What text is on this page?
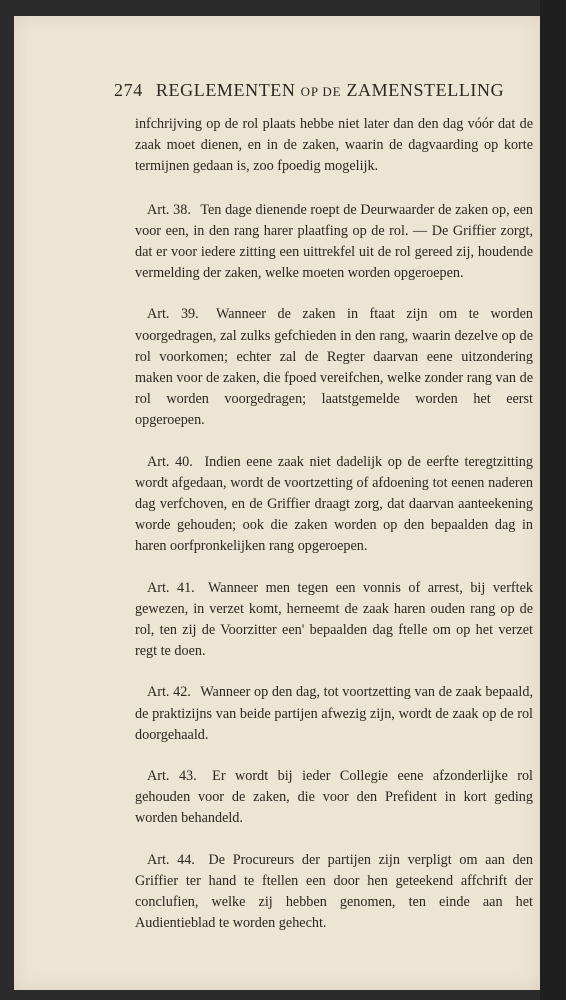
274 REGLEMENTEN OP DE ZAMENSTELLING

infchrijving op de rol plaats hebbe niet later dan den dag vóór dat de zaak moet dienen, en in de zaken, waarin de dagvaarding op korte termijnen gedaan is, zoo fpoedig mogelijk.

Art. 38. Ten dage dienende roept de Deurwaarder de zaken op, een voor een, in den rang harer plaatfing op de rol. — De Griffier zorgt, dat er voor iedere zitting een uittrekfel uit de rol gereed zij, houdende vermelding der zaken, welke moeten worden opgeroepen.

Art. 39. Wanneer de zaken in ftaat zijn om te worden voorgedragen, zal zulks gefchieden in den rang, waarin dezelve op de rol voorkomen; echter zal de Regter daarvan eene uitzondering maken voor de zaken, die fpoed vereifchen, welke zonder rang van de rol worden voorgedragen; laatstgemelde worden het eerst opgeroepen.

Art. 40. Indien eene zaak niet dadelijk op de eerfte teregtzitting wordt afgedaan, wordt de voortzetting of afdoening tot eenen naderen dag verfchoven, en de Griffier draagt zorg, dat daarvan aanteekening worde gehouden; ook die zaken worden op den bepaalden dag in haren oorfpronkelijken rang opgeroepen.

Art. 41. Wanneer men tegen een vonnis of arrest, bij verftek gewezen, in verzet komt, herneemt de zaak haren ouden rang op de rol, ten zij de Voorzitter een' bepaalden dag ftelle om op het verzet regt te doen.

Art. 42. Wanneer op den dag, tot voortzetting van de zaak bepaald, de praktizijns van beide partijen afwezig zijn, wordt de zaak op de rol doorgehaald.

Art. 43. Er wordt bij ieder Collegie eene afzonderlijke rol gehouden voor de zaken, die voor den Prefident in kort geding worden behandeld.

Art. 44. De Procureurs der partijen zijn verpligt om aan den Griffier ter hand te ftellen een door hen geteekend affchrift der conclufien, welke zij hebben genomen, ten einde aan het Audientieblad te worden gehecht.
